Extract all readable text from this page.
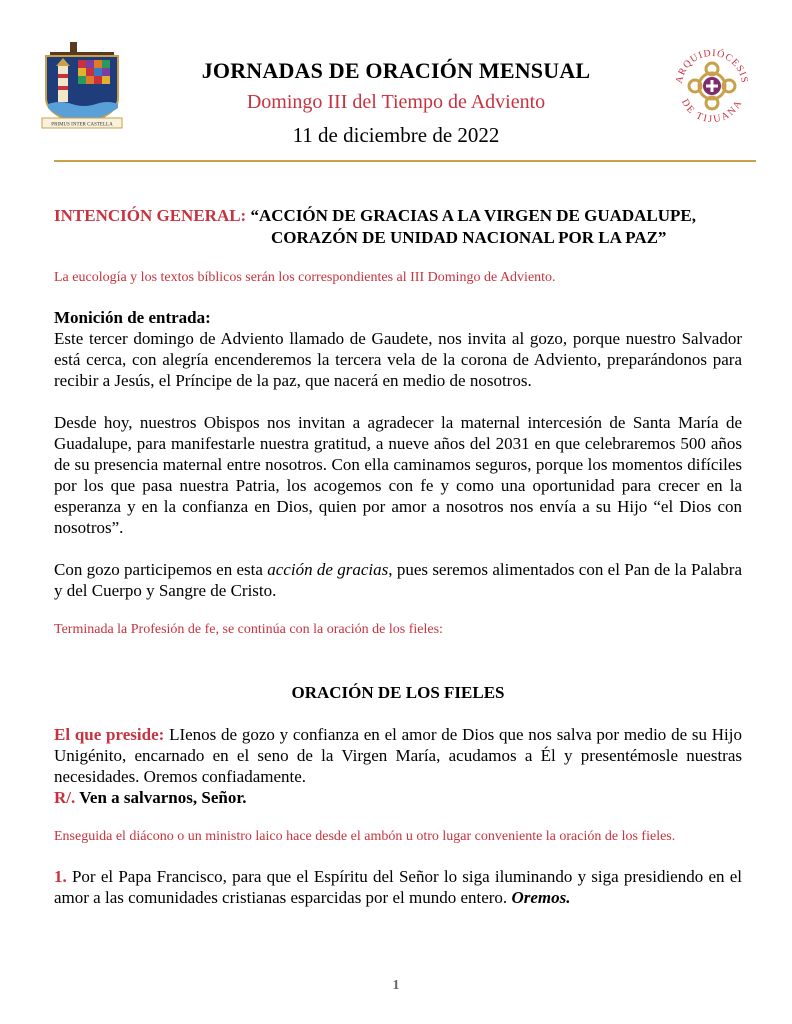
PRIMUS INTER CASTELLA
JORNADAS DE ORACIÓN MENSUAL
Domingo III del Tiempo de Adviento
11 de diciembre de 2022
ARQUIDIÓCESIS
DE TIJUANA
INTENCIÓN GENERAL: “ACCIÓN DE GRACIAS A LA VIRGEN DE GUADALUPE,
CORAZÓN DE UNIDAD NACIONAL POR LA PAZ”
La eucología y los textos bíblicos serán los correspondientes al III Domingo de Adviento.
Monición de entrada:
Este tercer domingo de Adviento llamado de Gaudete, nos invita al gozo, porque nuestro Salvador está cerca, con alegría encenderemos la tercera vela de la corona de Adviento, preparándonos para recibir a Jesús, el Príncipe de la paz, que nacerá en medio de nosotros.
Desde hoy, nuestros Obispos nos invitan a agradecer la maternal intercesión de Santa María de Guadalupe, para manifestarle nuestra gratitud, a nueve años del 2031 en que celebraremos 500 años de su presencia maternal entre nosotros. Con ella caminamos seguros, porque los momentos difíciles por los que pasa nuestra Patria, los acogemos con fe y como una oportunidad para crecer en la esperanza y en la confianza en Dios, quien por amor a nosotros nos envía a su Hijo “el Dios con nosotros”.
Con gozo participemos en esta acción de gracias, pues seremos alimentados con el Pan de la Palabra y del Cuerpo y Sangre de Cristo.
Terminada la Profesión de fe, se continúa con la oración de los fieles:
ORACIÓN DE LOS FIELES
El que preside: LIenos de gozo y confianza en el amor de Dios que nos salva por medio de su Hijo Unigénito, encarnado en el seno de la Virgen María, acudamos a Él y presentémosle nuestras necesidades. Oremos confiadamente.
R/. Ven a salvarnos, Señor.
Enseguida el diácono o un ministro laico hace desde el ambón u otro lugar conveniente la oración de los fieles.
1. Por el Papa Francisco, para que el Espíritu del Señor lo siga iluminando y siga presidiendo en el amor a las comunidades cristianas esparcidas por el mundo entero. Oremos.
1
